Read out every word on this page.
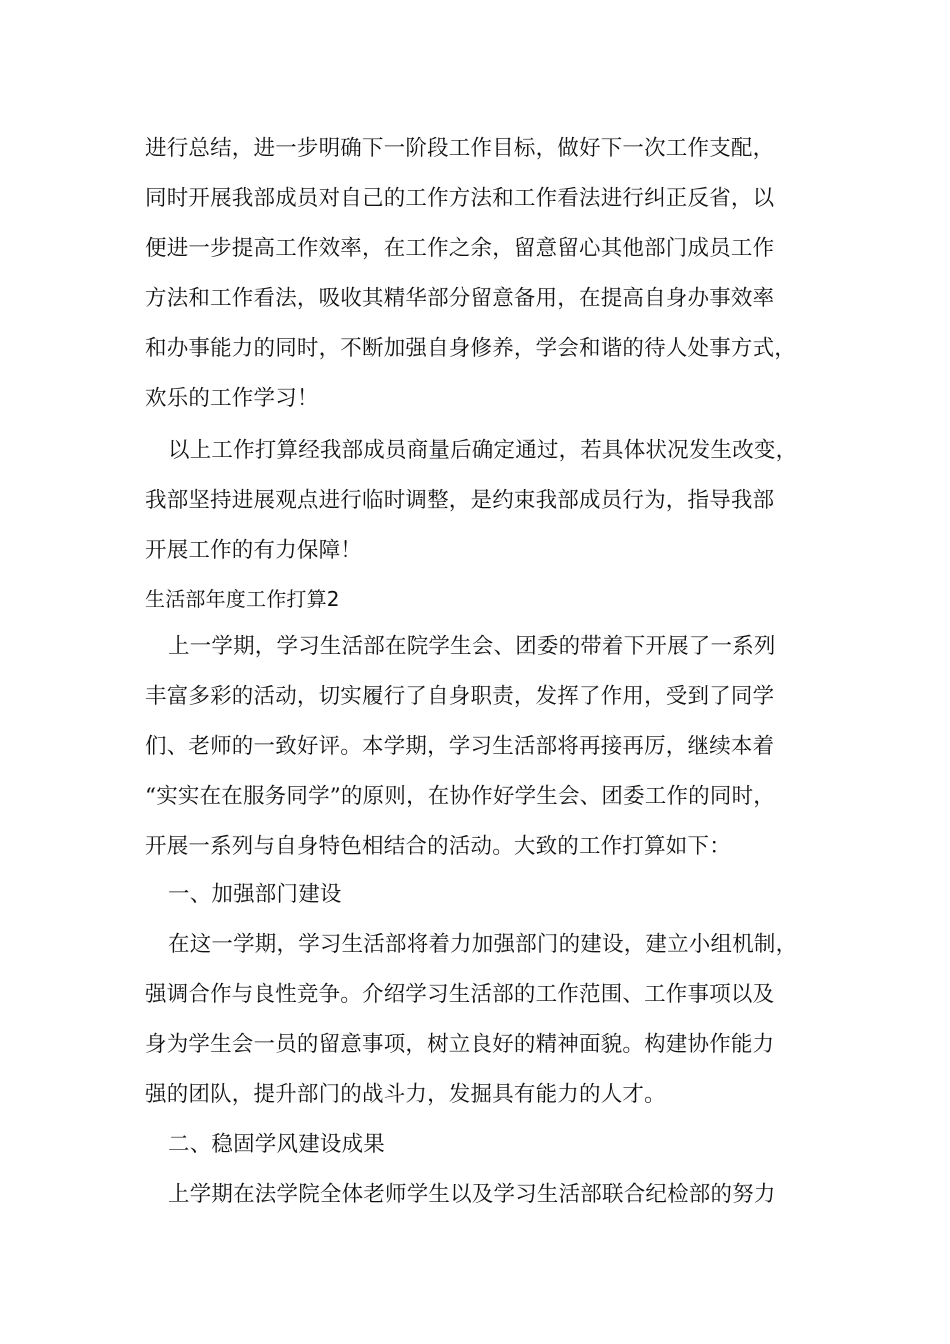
进行总结，进一步明确下一阶段工作目标，做好下一次工作支配，
同时开展我部成员对自己的工作方法和工作看法进行纠正反省，以
便进一步提高工作效率，在工作之余，留意留心其他部门成员工作
方法和工作看法，吸收其精华部分留意备用，在提高自身办事效率
和办事能力的同时，不断加强自身修养，学会和谐的待人处事方式，
欢乐的工作学习！
以上工作打算经我部成员商量后确定通过，若具体状况发生改变，
我部坚持进展观点进行临时调整，是约束我部成员行为，指导我部
开展工作的有力保障！
生活部年度工作打算2
上一学期，学习生活部在院学生会、团委的带着下开展了一系列
丰富多彩的活动，切实履行了自身职责，发挥了作用，受到了同学
们、老师的一致好评。本学期，学习生活部将再接再厉，继续本着
“实实在在服务同学”的原则，在协作好学生会、团委工作的同时，
开展一系列与自身特色相结合的活动。大致的工作打算如下：
一、加强部门建设
在这一学期，学习生活部将着力加强部门的建设，建立小组机制，
强调合作与良性竞争。介绍学习生活部的工作范围、工作事项以及
身为学生会一员的留意事项，树立良好的精神面貌。构建协作能力
强的团队，提升部门的战斗力，发掘具有能力的人才。
二、稳固学风建设成果
上学期在法学院全体老师学生以及学习生活部联合纪检部的努力
